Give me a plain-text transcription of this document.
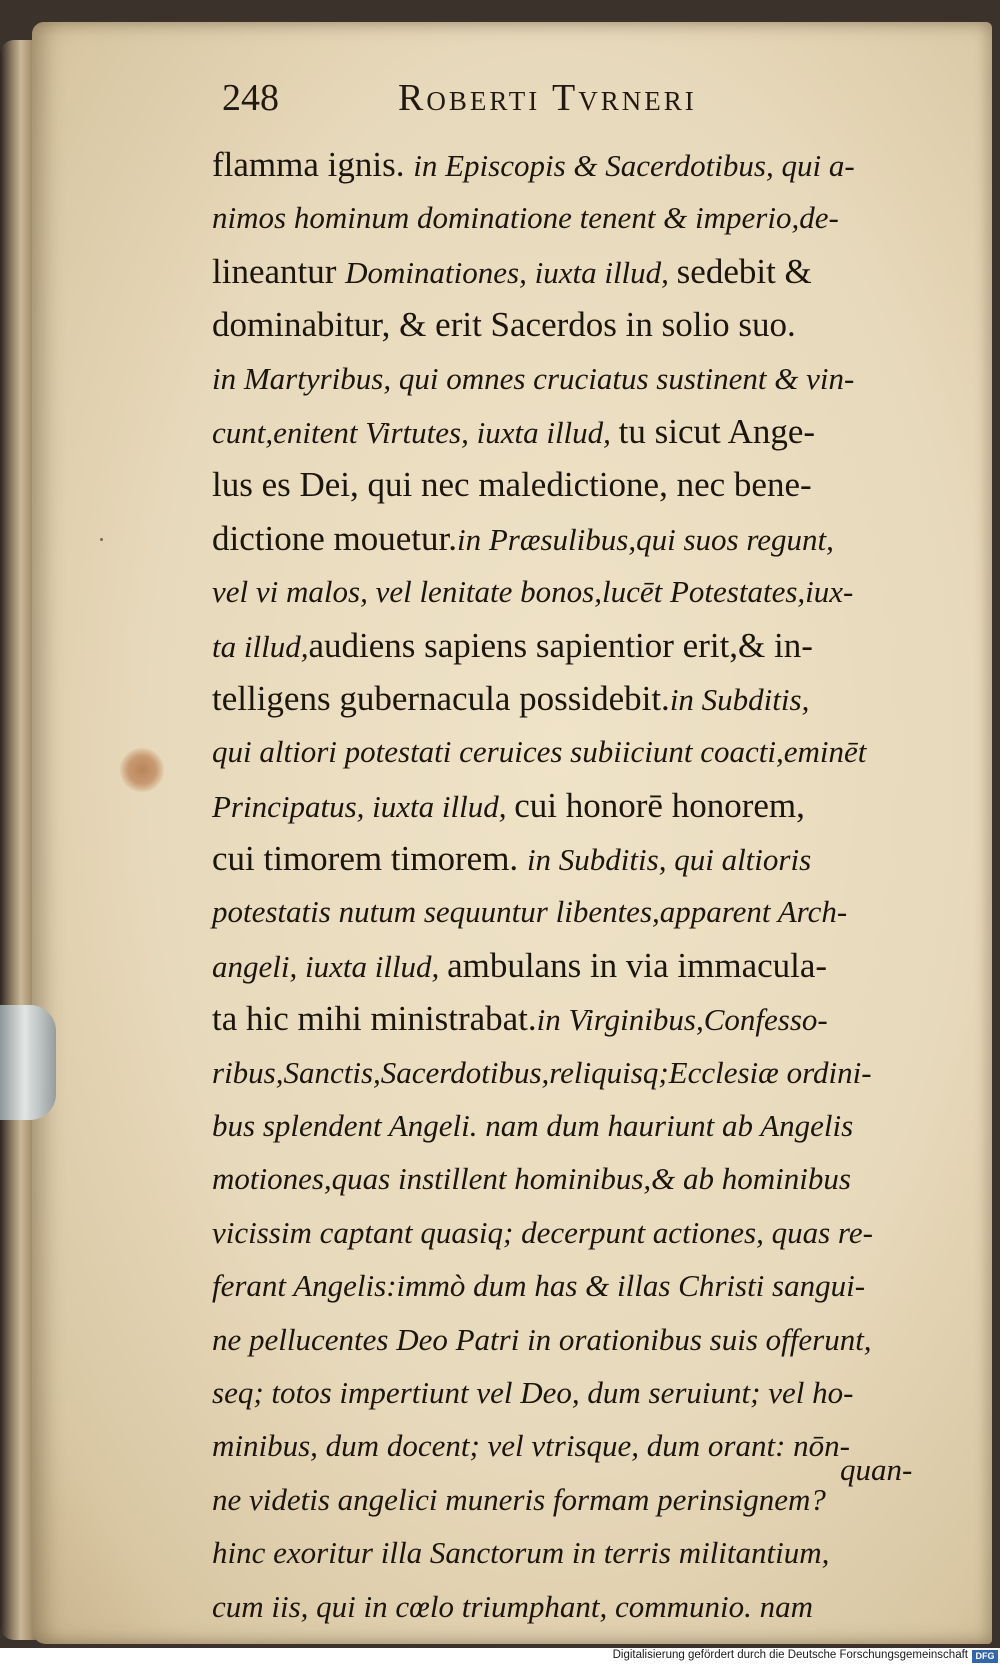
248	Roberti Tvrneri
flamma ignis. in Episcopis & Sacerdotibus, qui a-
nimos hominum dominatione tenent & imperio,de-
lineantur Dominationes, iuxta illud, sedebit &
dominabitur, & erit Sacerdos in solio suo.
in Martyribus, qui omnes cruciatus sustinent & vin-
cunt,enitent Virtutes, iuxta illud, tu sicut Ange-
lus es Dei, qui nec maledictione, nec bene-
dictione mouetur.in Præsulibus,qui suos regunt,
vel vi malos, vel lenitate bonos,lucēt Potestates,iux-
ta illud,audiens sapiens sapientior erit,& in-
telligens gubernacula possidebit.in Subditis,
qui altiori potestati ceruices subiiciunt coacti,eminēt
Principatus, iuxta illud, cui honorē honorem,
cui timorem timorem. in Subditis, qui altioris
potestatis nutum sequuntur libentes,apparent Arch-
angeli, iuxta illud, ambulans in via immacula-
ta hic mihi ministrabat.in Virginibus,Confesso-
ribus,Sanctis,Sacerdotibus,reliquisq;Ecclesiæ ordini-
bus splendent Angeli. nam dum hauriunt ab Angelis
motiones,quas instillent hominibus,& ab hominibus
vicissim captant quasiq; decerpunt actiones, quas re-
ferant Angelis:immò dum has & illas Christi sangui-
ne pellucentes Deo Patri in orationibus suis offerunt,
seq; totos impertiunt vel Deo, dum seruiunt; vel ho-
minibus, dum docent; vel vtrisque, dum orant: nōn-
ne videtis angelici muneris formam perinsignem?
hinc exoritur illa Sanctorum in terris militantium,
cum iis, qui in cœlo triumphant, communio. nam
quan-
Digitalisierung gefördert durch die Deutsche Forschungsgemeinschaft DFG
